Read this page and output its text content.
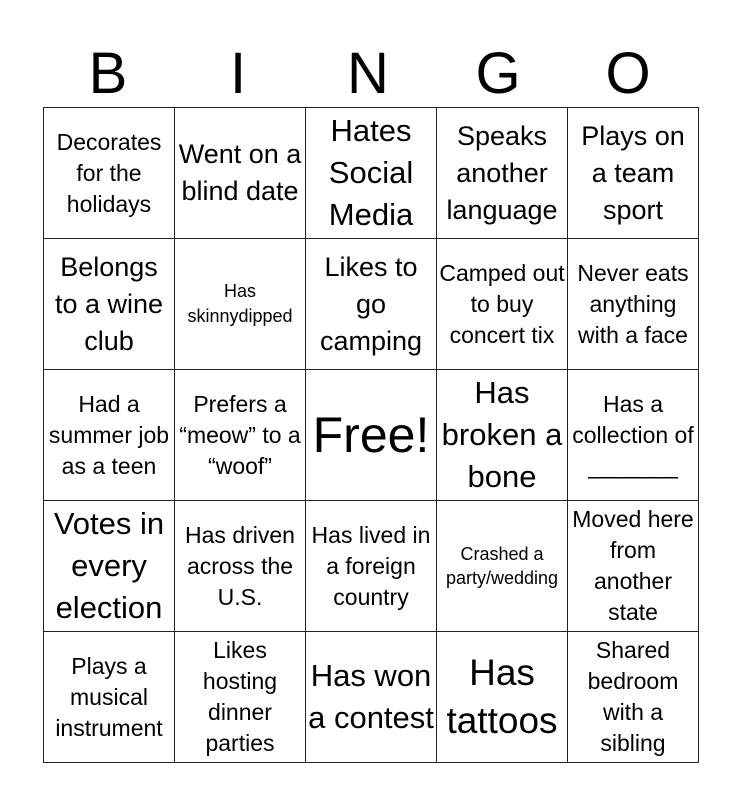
B	I	N	G	O
Decorates for the holidays	Went on a blind date	Hates Social Media	Speaks another language	Plays on a team sport

Belongs to a wine club	Has skinnydipped	Likes to go camping	Camped out to buy concert tix	Never eats anything with a face

Had a summer job as a teen	Prefers a “meow” to a “woof”	Free!	Has broken a bone	Has a collection of _______

Votes in every election	Has driven across the U.S.	Has lived in a foreign country	Crashed a party/wedding	Moved here from another state

Plays a musical instrument	Likes hosting dinner parties	Has won a contest	Has tattoos	Shared bedroom with a sibling
